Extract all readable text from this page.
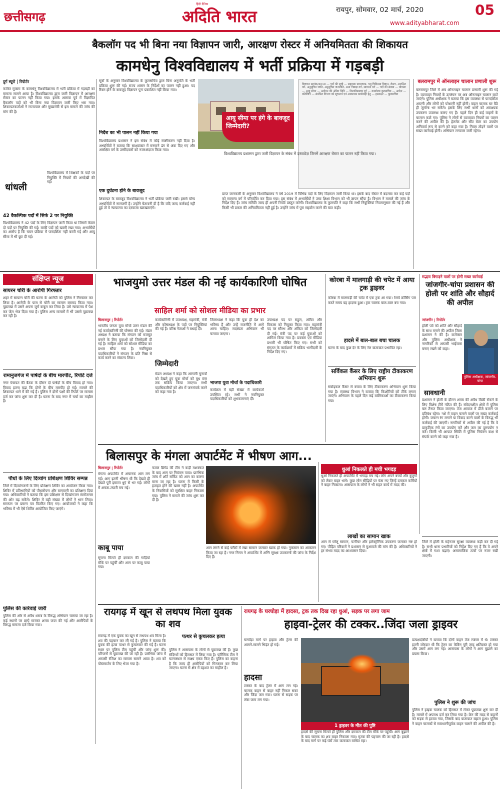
छत्तीसगढ़
हिंदी दैनिक
अदिति भारत	रायपुर, सोमवार, 02 मार्च, 2020	05
www.adityabharat.com
बैकलॉग पद भी बिना नया विज्ञापन जारी, आरक्षण रोस्टर में अनियमितता की शिकायत
कामधेनु विश्वविद्यालय में भर्ती प्रक्रिया में गड़बड़ी
दुर्ग ब्यूरो | रिपोर्टर
कांकेर मुकाम के कामधेनु विश्वविद्यालय में भर्ती प्रक्रिया में गड़बड़ी का मामला सामने आया है। विश्वविद्यालय द्वारा जारी विज्ञापन में आरक्षण रोस्टर का पालन नहीं किया गया। इसके अलावा पूर्व में विज्ञापित बैकलॉग पदों को भी बिना नया विज्ञापन जारी किए भरा गया। शिकायतकर्ताओं ने राज्यपाल और मुख्यमंत्री से इस मामले की जांच की मांग की है।
धांधली
विश्वविद्यालय में शिक्षकों के पदों पर नियुक्ति में नियमों की अनदेखी की गई।
42 वैकल्पिक पदों में सिर्फ 2 पर नियुक्ति
विश्वविद्यालय ने 42 पदों के लिए विज्ञापन जारी किया था जिसमें केवल दो पदों पर नियुक्ति की गई। बाकी पदों को खाली रखा गया। अभ्यर्थियों का आरोप है कि चयन प्रक्रिया में पारदर्शिता नहीं बरती गई और आयु सीमा में भी छूट दी गई।
सूत्रों के अनुसार विश्वविद्यालय के कुलसचिव द्वारा बिना अनुमति के भर्ती प्रक्रिया शुरू की गई। राज्य शासन के निर्देशों का पालन नहीं हुआ। पद रिक्त होने के बावजूद विज्ञापन पुनः प्रकाशित नहीं किया गया।
निर्देश का भी पालन नहीं किया गया
विश्वविद्यालय प्रशासन ने इस संबंध में कोई स्पष्टीकरण नहीं दिया है। अभ्यर्थियों ने बताया कि साक्षात्कार में मनमाने ढंग से अंक दिए गए और आरक्षित वर्ग के उम्मीदवारों को नजरअंदाज किया गया।
एक दुर्घटना होने के बावजूद
शिकायत के बावजूद विश्वविद्यालय ने भर्ती प्रक्रिया जारी रखी। इससे योग्य अभ्यर्थियों में नाराजगी है। उन्होंने चेतावनी दी है कि यदि जल्द कार्रवाई नहीं हुई तो वे न्यायालय का दरवाजा खटखटाएंगे।
आयु सीमा पर हंगे के बावजूद जिम्मेदारी?
विज्ञापन क्रमांक/2019 — पदों की सूची — सहायक प्राध्यापक, पशु चिकित्सा विज्ञान, रोस्टर, आरक्षित वर्ग, अनुसूचित जाति, अनुसूचित जनजाति, अन्य पिछड़ा वर्ग, सामान्य वर्ग — पदों की संख्या — योग्यता — आयु सीमा — आवेदन की अंतिम तिथि — विश्वविद्यालय दुर्ग — कार्यालय कुलसचिव — आदेश — प्रतिलिपि — संबंधित विभाग को सूचनार्थ एवं आवश्यक कार्यवाही हेतु — हस्ताक्षर — कुलसचिव
विश्वविद्यालय प्रशासन द्वारा जारी विज्ञापन के संबंध में दस्तावेज़ जिनमें आरक्षण रोस्टर का पालन नहीं किया गया।
प्राप्त जानकारी के अनुसार विश्वविद्यालय ने वर्ष 2019 में विभिन्न पदों के लिए विज्ञापन जारी किया था। इसके बाद रोस्टर में बदलाव कर कई पदों को सामान्य वर्ग में परिवर्तित कर दिया गया। इस संबंध में अभ्यर्थियों ने उच्च शिक्षा विभाग को भी ज्ञापन सौंपा है। विभाग ने मामले की जांच के निर्देश दिए हैं। जांच समिति जल्द ही अपनी रिपोर्ट प्रस्तुत करेगी। विश्वविद्यालय के कुलपति ने कहा कि सभी नियुक्तियां नियमानुसार की गई हैं और किसी भी प्रकार की अनियमितता नहीं हुई है। उन्होंने जांच में पूरा सहयोग करने की बात कही।
बलरामपुर में ऑनलाइन चालान प्रणाली शुरू
बलरामपुर जिले में अब ऑनलाइन चालान प्रणाली शुरू की गई है। यातायात नियमों के उल्लंघन पर अब ऑनलाइन चालान काटे जाएंगे। पुलिस अधीक्षक ने बताया कि इस व्यवस्था से पारदर्शिता आएगी और लोगों को परेशानी नहीं होगी। वाहन चालक घर बैठे ही जुर्माना भर सकेंगे। इसके लिए सभी थानों को आवश्यक उपकरण उपलब्ध कराए गए हैं। पहले दिन ही कई वाहनों के चालान काटे गए। पुलिस ने लोगों से यातायात नियमों का पालन करने की अपील की है। हेलमेट और सीट बेल्ट का उपयोग अनिवार्य रूप से करने को कहा गया है। नियम तोड़ने वालों पर सख्त कार्रवाई होगी। अभियान लगातार जारी रहेगा।
संक्षिप्त न्यूज
सायरन चोरी के आरोपी गिरफ्तार
शहर में सायरन चोरी की घटना के आरोपी को पुलिस ने गिरफ्तार कर लिया है। आरोपी के पास से चोरी का सामान बरामद किया गया। पूछताछ में उसने अपना जुर्म कबूल कर लिया है। उसे न्यायालय में पेश कर जेल भेज दिया गया है। पुलिस अन्य मामलों में भी उससे पूछताछ कर रही है।
रामानुजगंज में पार्षदों के बीच मारपीट, रिपोर्ट दर्ज
नगर पंचायत की बैठक के दौरान दो पार्षदों के बीच विवाद हो गया। विवाद इतना बढ़ा कि दोनों के बीच मारपीट हो गई। मामले की शिकायत थाने में की गई है। पुलिस ने दोनों पक्षों की रिपोर्ट पर मामला दर्ज कर जांच शुरू कर दी है। घटना के बाद नगर में चर्चा का माहौल है।
पौधों के लिए दिव्यांग प्रशिक्षण शिविर सम्पन्न
जिले में दिव्यांगजनों के लिए प्रशिक्षण शिविर का आयोजन किया गया। शिविर में प्रतिभागियों को पौधारोपण और बागवानी का प्रशिक्षण दिया गया। अधिकारियों ने बताया कि इस प्रशिक्षण से दिव्यांगजन स्वरोजगार की ओर बढ़ सकेंगे। शिविर में बड़ी संख्या में लोगों ने भाग लिया। समापन पर प्रमाण पत्र वितरित किए गए। आयोजकों ने कहा कि भविष्य में भी ऐसे शिविर आयोजित किए जाएंगे।
पुलिस की कार्रवाई जारी
पुलिस की ओर से अवैध शराब के विरुद्ध अभियान चलाया जा रहा है। कई स्थानों पर छापे मारकर शराब जब्त की गई और आरोपियों के विरुद्ध मामला दर्ज किया गया।
भाजयुमो उत्तर मंडल की नई कार्यकारिणी घोषित
साहिल शर्मा को सोशल मीडिया का प्रभार
बिलासपुर | रिपोर्टर
भारतीय जनता युवा मोर्चा उत्तर मंडल की नई कार्यकारिणी की घोषणा की गई। मंडल अध्यक्ष ने बताया कि संगठन को मजबूत बनाने के लिए युवाओं को जिम्मेदारी दी गई है। साहिल शर्मा को सोशल मीडिया का प्रभार सौंपा गया है। नवनियुक्त पदाधिकारियों ने संगठन के प्रति निष्ठा से कार्य करने का संकल्प लिया।
कार्यकारिणी में उपाध्यक्ष, महामंत्री, मंत्री और कोषाध्यक्ष के पदों पर नियुक्तियां की गई हैं। वरिष्ठ नेताओं ने बधाई दी।
जिम्मेदारी
मंडल अध्यक्ष ने कहा कि आगामी चुनावों को देखते हुए युवा मोर्चा को बूथ स्तर तक सक्रिय किया जाएगा। सभी पदाधिकारियों को क्षेत्र में जनसंपर्क करने को कहा गया है।
जिलाध्यक्ष ने कहा कि युवा ही देश का भविष्य हैं और उन्हें राजनीति में आगे आना चाहिए। सदस्यता अभियान भी चलाया जाएगा।
भाजपा युवा मोर्चा के पदाधिकारी
कार्यक्रम में बड़ी संख्या में कार्यकर्ता उपस्थित रहे। सभी ने नवनियुक्त पदाधिकारियों को शुभकामनाएं दीं।
उपाध्यक्ष पद पर राहुल, अमित और विकास को नियुक्त किया गया। महामंत्री पद पर सौरभ और अंकित को जिम्मेदारी दी गई। मंत्री पद पर कई युवाओं को शामिल किया गया है। प्रवक्ता एवं मीडिया प्रभारी भी घोषित किए गए। सभी को संगठन के कार्यक्रमों में सक्रिय भागीदारी के निर्देश दिए गए।
कोरबा में मालगाड़ी की चपेट में आया ट्रक ड्राइवर
कोरबा में मालगाड़ी की चपेट में एक ट्रक आ गया। रेलवे क्रॉसिंग पार करते समय यह हादसा हुआ। ट्रक चालक बाल-बाल बच गया।
हादसे में बाल-बाल बचा चालक
घटना के बाद कुछ देर के लिए रेल यातायात प्रभावित रहा।
सर्विकल कैंसर के लिए राष्ट्रीय टीकाकरण अभियान शुरू
सर्वाइकल कैंसर से बचाव के लिए टीकाकरण अभियान शुरू किया गया है। स्वास्थ्य विभाग ने बताया कि किशोरियों को टीके लगाए जाएंगे। अभियान के पहले दिन कई बालिकाओं का टीकाकरण किया गया।
सद्भाव बिगाड़ने वालों पर होगी सख्त कार्रवाई
जांजगीर-चांपा प्रशासन की होली पर शांति और सौहार्द की अपील
जांजगीर | रिपोर्टर
होली पर्व को शांति और सौहार्द के साथ मनाने की अपील जिला प्रशासन ने की है। कलेक्टर और पुलिस अधीक्षक ने नागरिकों से आपसी भाईचारा बनाए रखने को कहा।
पुलिस अधीक्षक, जांजगीर-चांपा
सावधानी
प्रशासन ने होली के दौरान शराब की अवैध बिक्री रोकने के लिए विशेष टीमें गठित की हैं। संवेदनशील क्षेत्रों में पुलिस बल तैनात किया जाएगा। तेज आवाज में डीजे बजाने पर प्रतिबंध रहेगा। नशे में वाहन चलाने वालों पर सख्त कार्रवाई होगी। जबरन रंग लगाने या विवाद करने वालों के विरुद्ध भी कार्रवाई की जाएगी। नागरिकों से अपील की गई है कि वे प्राकृतिक रंगों का उपयोग करें और जल का दुरुपयोग न करें। किसी भी आपात स्थिति में पुलिस नियंत्रण कक्ष से संपर्क करने को कहा गया है।
बिलासपुर के मंगला अपार्टमेंट में भीषण आग...
बिलासपुर | रिपोर्टर
मंगला अपार्टमेंट में अचानक आग लग गई। आग इतनी भीषण थी कि देखते ही देखते पूरी इमारत धुएं से भर गई। लोगों में अफरा-तफरी मच गई।
काबू पाया
सूचना मिलते ही दमकल की गाड़ियां मौके पर पहुंचीं और आग पर काबू पाया गया।
फायर ब्रिगेड की टीम ने कड़ी मशक्कत के बाद आग पर नियंत्रण पाया। प्रारंभिक जांच में शॉर्ट सर्किट को आग का कारण माना जा रहा है। घटना में किसी के हताहत होने की खबर नहीं है। अपार्टमेंट के निवासियों को सुरक्षित बाहर निकाला गया। पुलिस ने मामले की जांच शुरू कर दी है।
आग लगने से कई फ्लैटों में रखा सामान जलकर खाक हो गया। नुकसान का आकलन किया जा रहा है। नगर निगम ने अपार्टमेंट में अग्नि सुरक्षा उपकरणों की जांच के निर्देश दिए हैं।
धुआं निकलते ही मची भगदड़
धुआं निकलते ही अपार्टमेंट में भगदड़ मच गई। लोग अपने बच्चों और बुजुर्गों को लेकर बाहर भागे। कुछ लोग सीढ़ियों पर फंस गए जिन्हें दमकल कर्मियों ने बाहर निकाला। आसपास के लोगों ने भी राहत कार्य में मदद की।
लाखों का सामान खाक
आग से घरेलू सामान, फर्नीचर और इलेक्ट्रॉनिक उपकरण जलकर नष्ट हो गए। पीड़ित परिवारों ने प्रशासन से मुआवजे की मांग की है। अधिकारियों ने हर संभव मदद का आश्वासन दिया।
जिले में होली के मद्देनजर सुरक्षा व्यवस्था कड़ी कर दी गई है। सभी थाना प्रभारियों को निर्देश दिए गए हैं कि वे अपने क्षेत्रों में गश्त बढ़ाएं। असामाजिक तत्वों पर नजर रखी जाएगी।
रायगढ़ में खून से लथपथ मिला युवक का शव
रायगढ़ में एक युवक का खून से लथपथ शव मिला है। शव की पहचान कर ली गई है। पुलिस ने बताया कि युवक की हत्या पत्थर से कुचलकर की गई है। घटना स्थल पर पुलिस टीम पहुंची और जांच शुरू की। परिजनों से पूछताछ की जा रही है। प्रारंभिक जांच में आपसी रंजिश का मामला सामने आया है। शव को पोस्टमार्टम के लिए भेजा गया है।
पत्थर से कुचलकर हत्या
पुलिस ने आसपास के लोगों से पूछताछ की है। कुछ संदिग्धों को हिरासत में लिया गया है। फॉरेंसिक टीम ने घटनास्थल से साक्ष्य एकत्र किए हैं। पुलिस का कहना है कि जल्द ही आरोपियों को गिरफ्तार कर लिया जाएगा। घटना से क्षेत्र में दहशत का माहौल है।
रायगढ़ के घरघोड़ा में हादसा, ट्रक तक दिख रहा धुआं, सड़क पर लगा जाम
हाइवा-ट्रेलर की टक्कर..जिंदा जला ड्राइवर
घरघोड़ा मार्ग पर हाइवा और ट्रेलर की आमने-सामने भिड़ंत हो गई।
हादसा
टक्कर के बाद ट्रेलर में आग लग गई। चालक वाहन से बाहर नहीं निकल सका और जिंदा जल गया। घटना से सड़क पर लंबा जाम लग गया।
1 ड्राइवर के मौत की पुष्टि
हादसे की सूचना मिलते ही पुलिस और दमकल की टीम मौके पर पहुंची। आग बुझाने के बाद चालक का शव बाहर निकाला गया। मृतक की पहचान की जा रही है। हादसे के बाद मार्ग पर कई घंटों तक यातायात बाधित रहा।
प्रत्यक्षदर्शियों ने बताया कि दोनों वाहन तेज रफ्तार में थे। टक्कर इतनी जोरदार थी कि ट्रेलर का केबिन पूरी तरह क्षतिग्रस्त हो गया और उसमें आग लग गई। आसपास के लोगों ने आग बुझाने का प्रयास किया।
पुलिस ने शुरू की जांच
पुलिस ने हाइवा चालक को हिरासत में लेकर पूछताछ शुरू कर दी है। मामले में अपराध दर्ज कर लिया गया है। क्रेन की मदद से वाहनों को सड़क से हटाया गया, जिसके बाद यातायात बहाल हुआ। पुलिस ने वाहन चालकों से सावधानीपूर्वक वाहन चलाने की अपील की है।
